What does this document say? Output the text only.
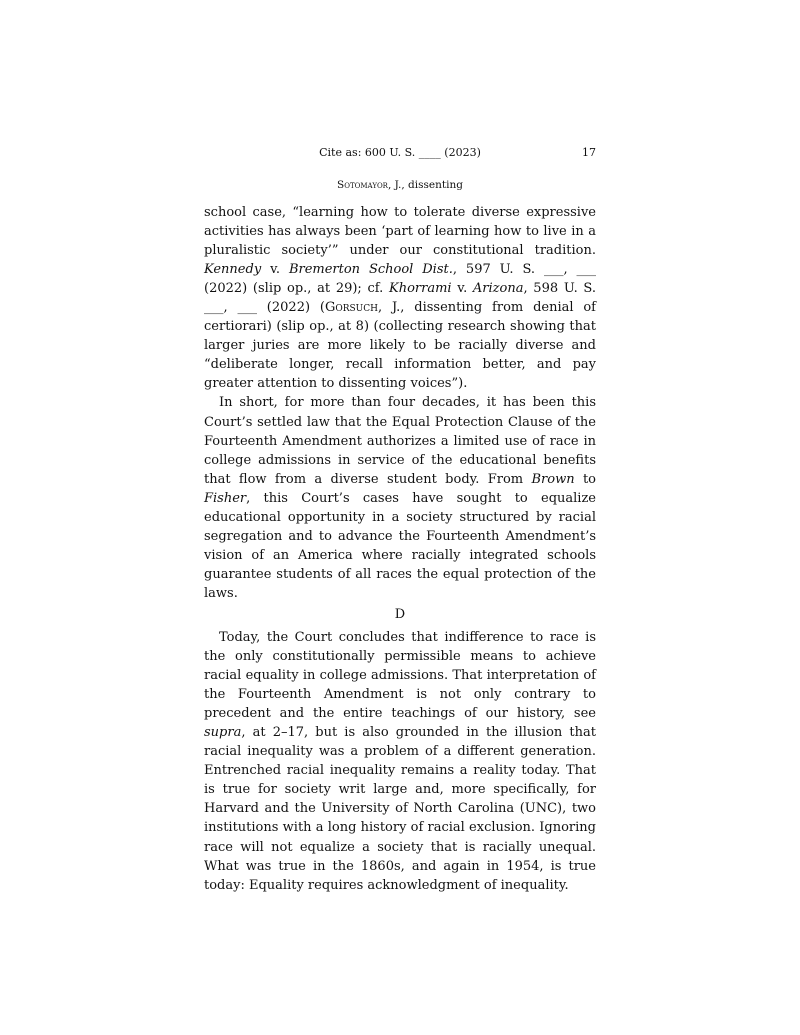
Cite as: 600 U. S. ____ (2023)	17
Sotomayor, J., dissenting

school case, “learning how to tolerate diverse expressive activities has always been ‘part of learning how to live in a pluralistic society’” under our constitutional tradition. Kennedy v. Bremerton School Dist., 597 U. S. ___, ___ (2022) (slip op., at 29); cf. Khorrami v. Arizona, 598 U. S. ___, ___ (2022) (Gorsuch, J., dissenting from denial of certiorari) (slip op., at 8) (collecting research showing that larger juries are more likely to be racially diverse and “deliberate longer, recall information better, and pay greater attention to dissenting voices”).

In short, for more than four decades, it has been this Court’s settled law that the Equal Protection Clause of the Fourteenth Amendment authorizes a limited use of race in college admissions in service of the educational benefits that flow from a diverse student body. From Brown to Fisher, this Court’s cases have sought to equalize educational opportunity in a society structured by racial segregation and to advance the Fourteenth Amendment’s vision of an America where racially integrated schools guarantee students of all races the equal protection of the laws.

D

Today, the Court concludes that indifference to race is the only constitutionally permissible means to achieve racial equality in college admissions. That interpretation of the Fourteenth Amendment is not only contrary to precedent and the entire teachings of our history, see supra, at 2–17, but is also grounded in the illusion that racial inequality was a problem of a different generation. Entrenched racial inequality remains a reality today. That is true for society writ large and, more specifically, for Harvard and the University of North Carolina (UNC), two institutions with a long history of racial exclusion. Ignoring race will not equalize a society that is racially unequal. What was true in the 1860s, and again in 1954, is true today: Equality requires acknowledgment of inequality.
